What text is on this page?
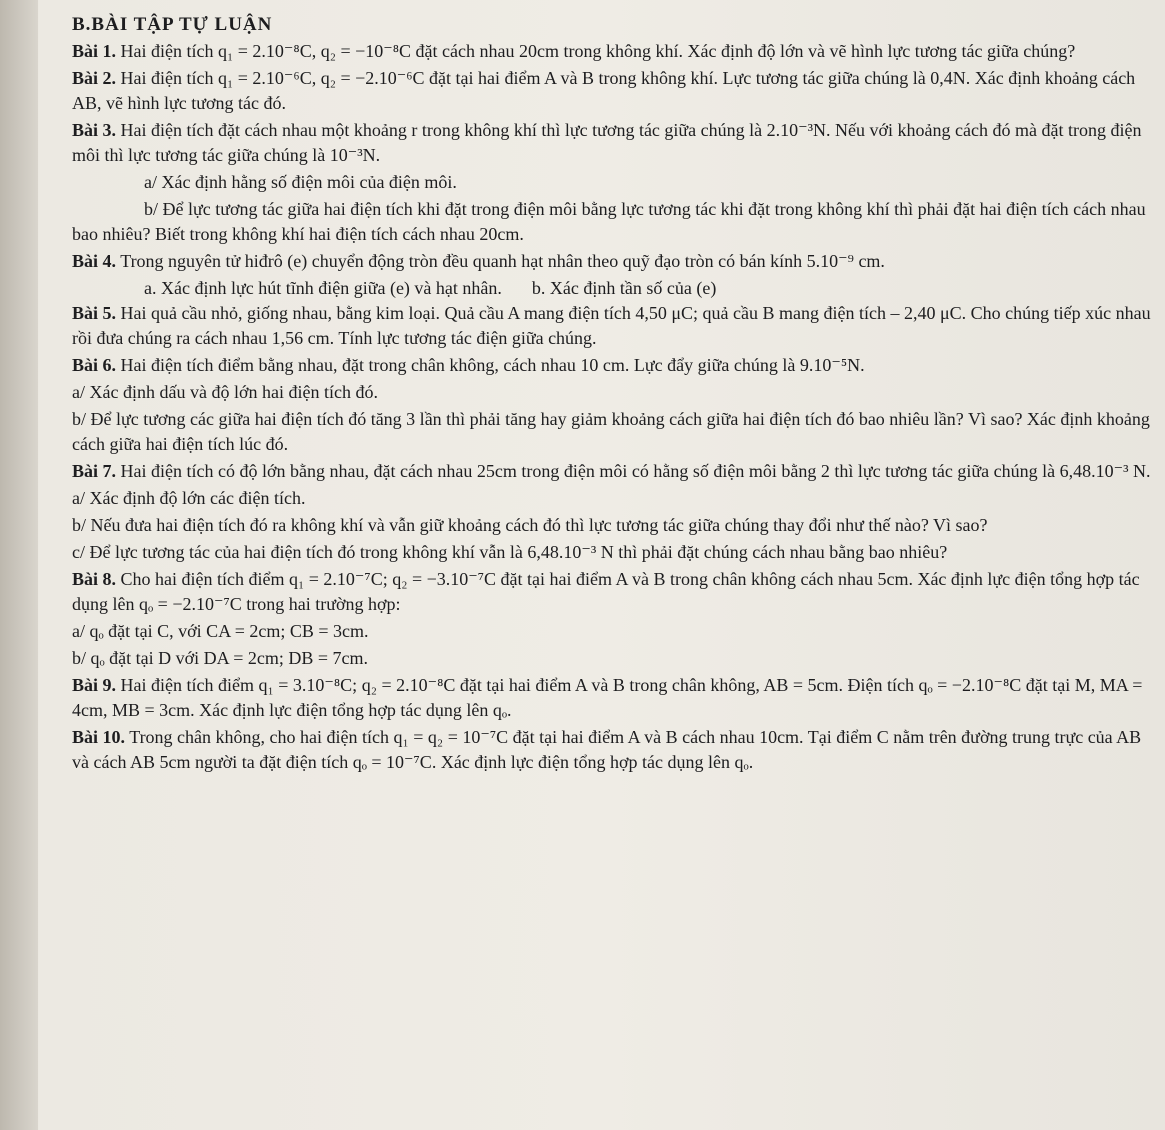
B.BÀI TẬP TỰ LUẬN
Bài 1. Hai điện tích q₁ = 2.10⁻⁸C, q₂ = −10⁻⁸C đặt cách nhau 20cm trong không khí. Xác định độ lớn và vẽ hình lực tương tác giữa chúng?
Bài 2. Hai điện tích q₁ = 2.10⁻⁶C, q₂ = −2.10⁻⁶C đặt tại hai điểm A và B trong không khí. Lực tương tác giữa chúng là 0,4N. Xác định khoảng cách AB, vẽ hình lực tương tác đó.
Bài 3. Hai điện tích đặt cách nhau một khoảng r trong không khí thì lực tương tác giữa chúng là 2.10⁻³N. Nếu với khoảng cách đó mà đặt trong điện môi thì lực tương tác giữa chúng là 10⁻³N.
a/ Xác định hằng số điện môi của điện môi.
b/ Để lực tương tác giữa hai điện tích khi đặt trong điện môi bằng lực tương tác khi đặt trong không khí thì phải đặt hai điện tích cách nhau bao nhiêu? Biết trong không khí hai điện tích cách nhau 20cm.
Bài 4. Trong nguyên tử hiđrô (e) chuyển động tròn đều quanh hạt nhân theo quỹ đạo tròn có bán kính 5.10⁻⁹ cm.
a. Xác định lực hút tĩnh điện giữa (e) và hạt nhân. b. Xác định tần số của (e)
Bài 5. Hai quả cầu nhỏ, giống nhau, bằng kim loại. Quả cầu A mang điện tích 4,50 μC; quả cầu B mang điện tích – 2,40 μC. Cho chúng tiếp xúc nhau rồi đưa chúng ra cách nhau 1,56 cm. Tính lực tương tác điện giữa chúng.
Bài 6. Hai điện tích điểm bằng nhau, đặt trong chân không, cách nhau 10 cm. Lực đẩy giữa chúng là 9.10⁻⁵N.
a/ Xác định dấu và độ lớn hai điện tích đó.
b/ Để lực tương các giữa hai điện tích đó tăng 3 lần thì phải tăng hay giảm khoảng cách giữa hai điện tích đó bao nhiêu lần? Vì sao? Xác định khoảng cách giữa hai điện tích lúc đó.
Bài 7. Hai điện tích có độ lớn bằng nhau, đặt cách nhau 25cm trong điện môi có hằng số điện môi bằng 2 thì lực tương tác giữa chúng là 6,48.10⁻³ N.
a/ Xác định độ lớn các điện tích.
b/ Nếu đưa hai điện tích đó ra không khí và vẫn giữ khoảng cách đó thì lực tương tác giữa chúng thay đổi như thế nào? Vì sao?
c/ Để lực tương tác của hai điện tích đó trong không khí vẫn là 6,48.10⁻³ N thì phải đặt chúng cách nhau bằng bao nhiêu?
Bài 8. Cho hai điện tích điểm q₁ = 2.10⁻⁷C; q₂ = −3.10⁻⁷C đặt tại hai điểm A và B trong chân không cách nhau 5cm. Xác định lực điện tổng hợp tác dụng lên qₒ = −2.10⁻⁷C trong hai trường hợp:
a/ qₒ đặt tại C, với CA = 2cm; CB = 3cm.
b/ qₒ đặt tại D với DA = 2cm; DB = 7cm.
Bài 9. Hai điện tích điểm q₁ = 3.10⁻⁸C; q₂ = 2.10⁻⁸C đặt tại hai điểm A và B trong chân không, AB = 5cm. Điện tích qₒ = −2.10⁻⁸C đặt tại M, MA = 4cm, MB = 3cm. Xác định lực điện tổng hợp tác dụng lên qₒ.
Bài 10. Trong chân không, cho hai điện tích q₁ = q₂ = 10⁻⁷C đặt tại hai điểm A và B cách nhau 10cm. Tại điểm C nằm trên đường trung trực của AB và cách AB 5cm người ta đặt điện tích qₒ = 10⁻⁷C. Xác định lực điện tổng hợp tác dụng lên qₒ.
